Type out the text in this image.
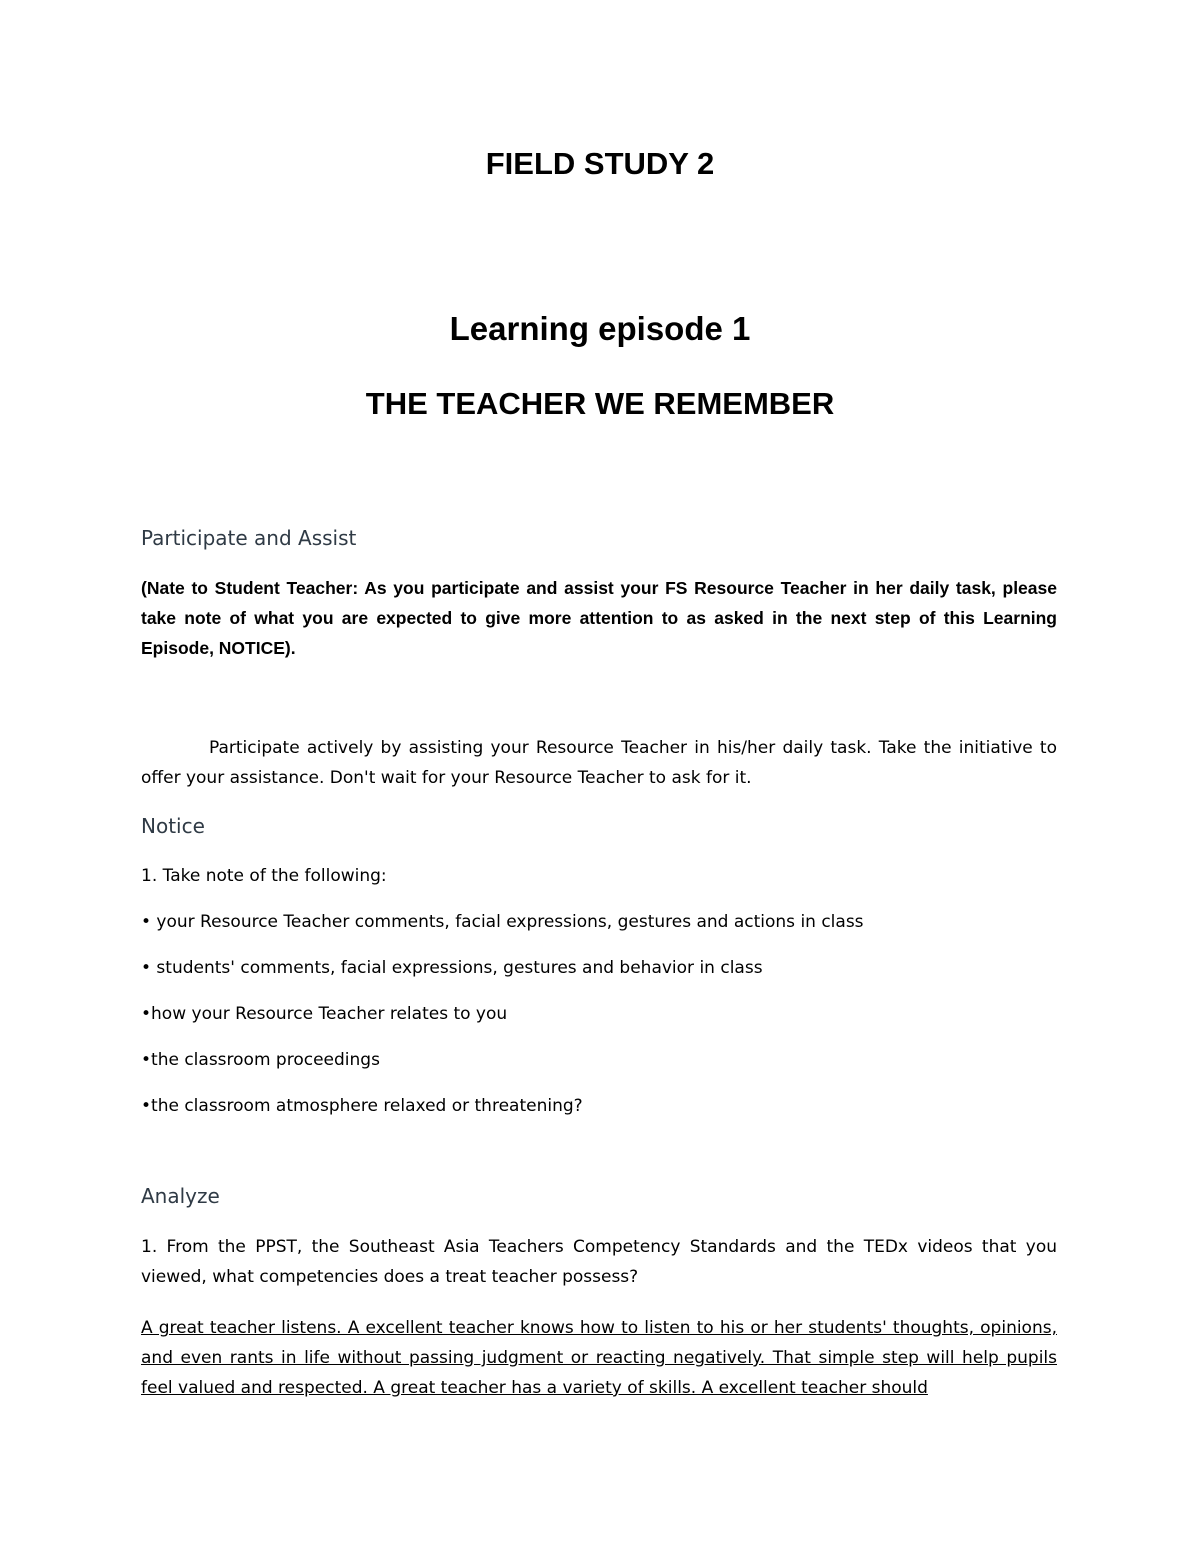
FIELD STUDY 2
Learning episode 1
THE TEACHER WE REMEMBER
Participate and Assist
(Nate to Student Teacher: As you participate and assist your FS Resource Teacher in her daily task, please take note of what you are expected to give more attention to as asked in the next step of this Learning Episode, NOTICE).
Participate actively by assisting your Resource Teacher in his/her daily task. Take the initiative to offer your assistance. Don't wait for your Resource Teacher to ask for it.
Notice
1. Take note of the following:
• your Resource Teacher comments, facial expressions, gestures and actions in class
• students' comments, facial expressions, gestures and behavior in class
•how your Resource Teacher relates to you
•the classroom proceedings
•the classroom atmosphere relaxed or threatening?
Analyze
1. From the PPST, the Southeast Asia Teachers Competency Standards and the TEDx videos that you viewed, what competencies does a treat teacher possess?
A great teacher listens. A excellent teacher knows how to listen to his or her students' thoughts, opinions, and even rants in life without passing judgment or reacting negatively. That simple step will help pupils feel valued and respected. A great teacher has a variety of skills. A excellent teacher should
